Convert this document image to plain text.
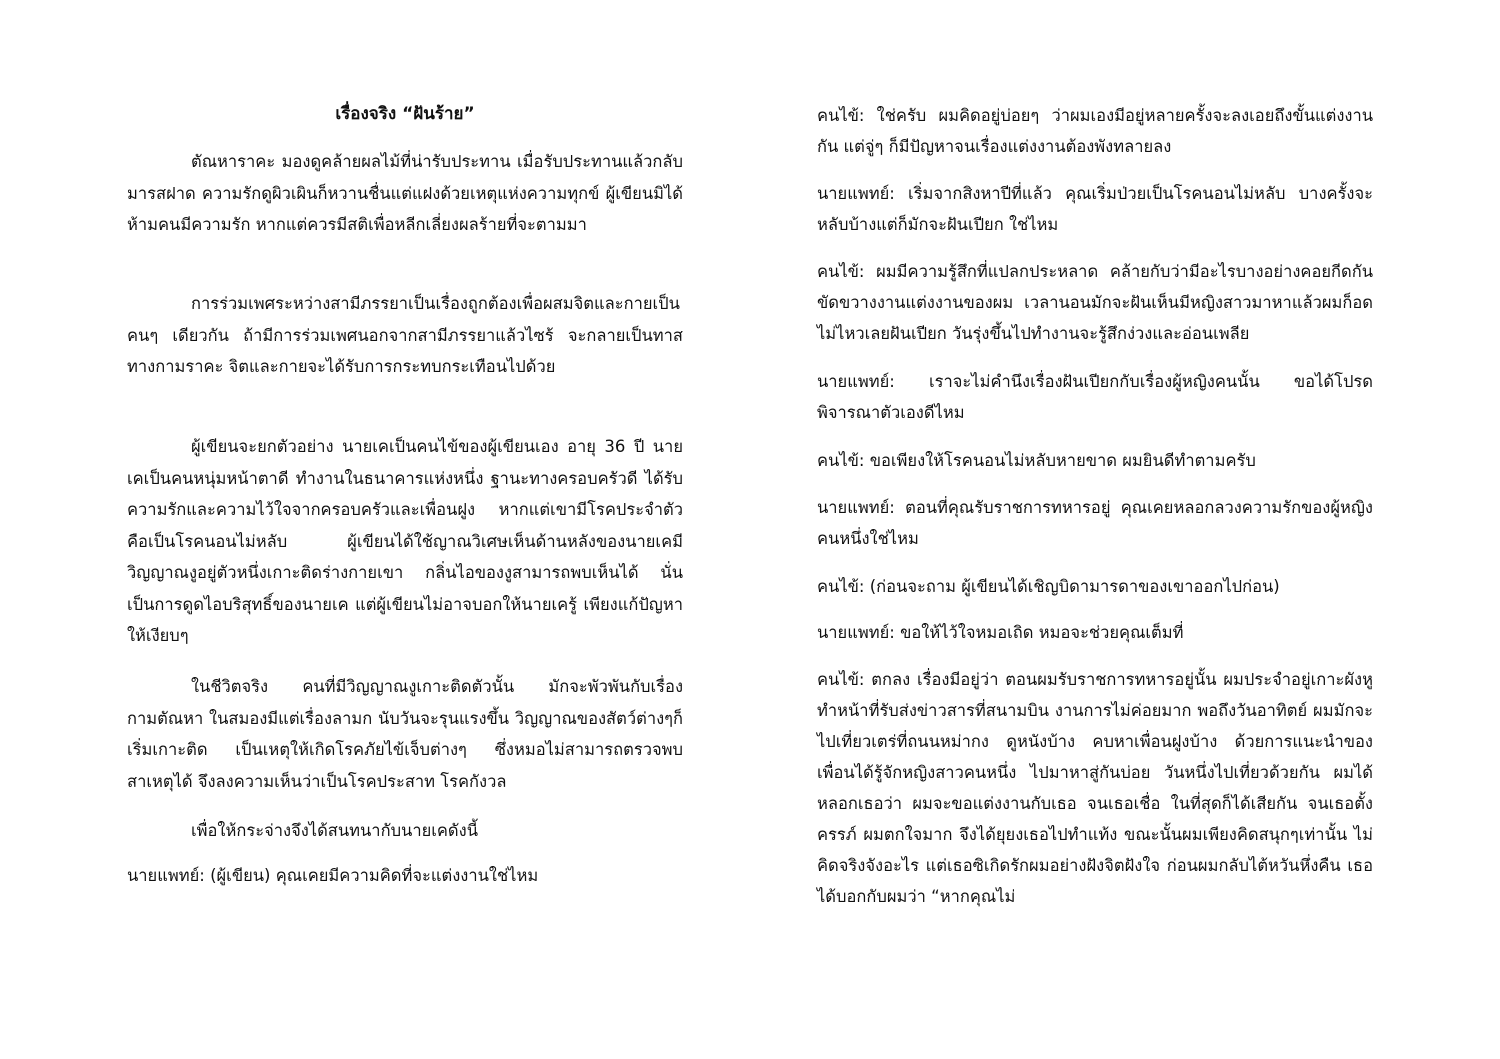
เรื่องจริง “ฝันร้าย”

ตัณหาราคะ มองดูคล้ายผลไม้ที่น่ารับประทาน เมื่อรับประทานแล้วกลับมารสฝาด ความรักดูผิวเผินก็หวานชื่นแต่แฝงด้วยเหตุแห่งความทุกข์ ผู้เขียนมิได้ห้ามคนมีความรัก หากแต่ควรมีสติเพื่อหลีกเลี่ยงผลร้ายที่จะตามมา

การร่วมเพศระหว่างสามีภรรยาเป็นเรื่องถูกต้องเพื่อผสมจิตและกายเป็นคนๆ เดียวกัน ถ้ามีการร่วมเพศนอกจากสามีภรรยาแล้วไซร้ จะกลายเป็นทาสทางกามราคะ จิตและกายจะได้รับการกระทบกระเทือนไปด้วย

ผู้เขียนจะยกตัวอย่าง นายเคเป็นคนไข้ของผู้เขียนเอง อายุ 36 ปี นายเคเป็นคนหนุ่มหน้าตาดี ทำงานในธนาคารแห่งหนึ่ง ฐานะทางครอบครัวดี ได้รับความรักและความไว้ใจจากครอบครัวและเพื่อนฝูง หากแต่เขามีโรคประจำตัวคือเป็นโรคนอนไม่หลับ ผู้เขียนได้ใช้ญาณวิเศษเห็นด้านหลังของนายเคมีวิญญาณงูอยู่ตัวหนึ่งเกาะติดร่างกายเขา กลิ่นไอของงูสามารถพบเห็นได้ นั่นเป็นการดูดไอบริสุทธิ์ของนายเค แต่ผู้เขียนไม่อาจบอกให้นายเครู้ เพียงแก้ปัญหาให้เงียบๆ

ในชีวิตจริง คนที่มีวิญญาณงูเกาะติดตัวนั้น มักจะพัวพันกับเรื่องกามตัณหา ในสมองมีแต่เรื่องลามก นับวันจะรุนแรงขึ้น วิญญาณของสัตว์ต่างๆก็เริ่มเกาะติด เป็นเหตุให้เกิดโรคภัยไข้เจ็บต่างๆ ซึ่งหมอไม่สามารถตรวจพบสาเหตุได้ จึงลงความเห็นว่าเป็นโรคประสาท โรคกังวล

เพื่อให้กระจ่างจึงได้สนทนากับนายเคดังนี้

นายแพทย์: (ผู้เขียน) คุณเคยมีความคิดที่จะแต่งงานใช่ไหม

คนไข้: ใช่ครับ ผมคิดอยู่บ่อยๆ ว่าผมเองมีอยู่หลายครั้งจะลงเอยถึงขั้นแต่งงานกัน แต่จู่ๆ ก็มีปัญหาจนเรื่องแต่งงานต้องพังทลายลง

นายแพทย์: เริ่มจากสิงหาปีที่แล้ว คุณเริ่มป่วยเป็นโรคนอนไม่หลับ บางครั้งจะหลับบ้างแต่ก็มักจะฝันเปียก ใช่ไหม

คนไข้: ผมมีความรู้สึกที่แปลกประหลาด คล้ายกับว่ามีอะไรบางอย่างคอยกีดกันขัดขวางงานแต่งงานของผม เวลานอนมักจะฝันเห็นมีหญิงสาวมาหาแล้วผมก็อดไม่ไหวเลยฝันเปียก วันรุ่งขึ้นไปทำงานจะรู้สึกง่วงและอ่อนเพลีย

นายแพทย์: เราจะไม่คำนึงเรื่องฝันเปียกกับเรื่องผู้หญิงคนนั้น ขอได้โปรดพิจารณาตัวเองดีไหม

คนไข้: ขอเพียงให้โรคนอนไม่หลับหายขาด ผมยินดีทำตามครับ

นายแพทย์: ตอนที่คุณรับราชการทหารอยู่ คุณเคยหลอกลวงความรักของผู้หญิงคนหนึ่งใช่ไหม

คนไข้: (ก่อนจะถาม ผู้เขียนได้เชิญบิดามารดาของเขาออกไปก่อน)

นายแพทย์: ขอให้ไว้ใจหมอเถิด หมอจะช่วยคุณเต็มที่

คนไข้: ตกลง เรื่องมีอยู่ว่า ตอนผมรับราชการทหารอยู่นั้น ผมประจำอยู่เกาะผังหู ทำหน้าที่รับส่งข่าวสารที่สนามบิน งานการไม่ค่อยมาก พอถึงวันอาทิตย์ ผมมักจะไปเที่ยวเตร่ที่ถนนหม่ากง ดูหนังบ้าง คบหาเพื่อนฝูงบ้าง ด้วยการแนะนำของเพื่อนได้รู้จักหญิงสาวคนหนึ่ง ไปมาหาสู่กันบ่อย วันหนึ่งไปเที่ยวด้วยกัน ผมได้หลอกเธอว่า ผมจะขอแต่งงานกับเธอ จนเธอเชื่อ ในที่สุดก็ได้เสียกัน จนเธอตั้งครรภ์ ผมตกใจมาก จึงได้ยุยงเธอไปทำแท้ง ขณะนั้นผมเพียงคิดสนุกๆเท่านั้น ไม่คิดจริงจังอะไร แต่เธอซิเกิดรักผมอย่างฝังจิตฝังใจ ก่อนผมกลับไต้หวันหึ่งคืน เธอได้บอกกับผมว่า “หากคุณไม่
